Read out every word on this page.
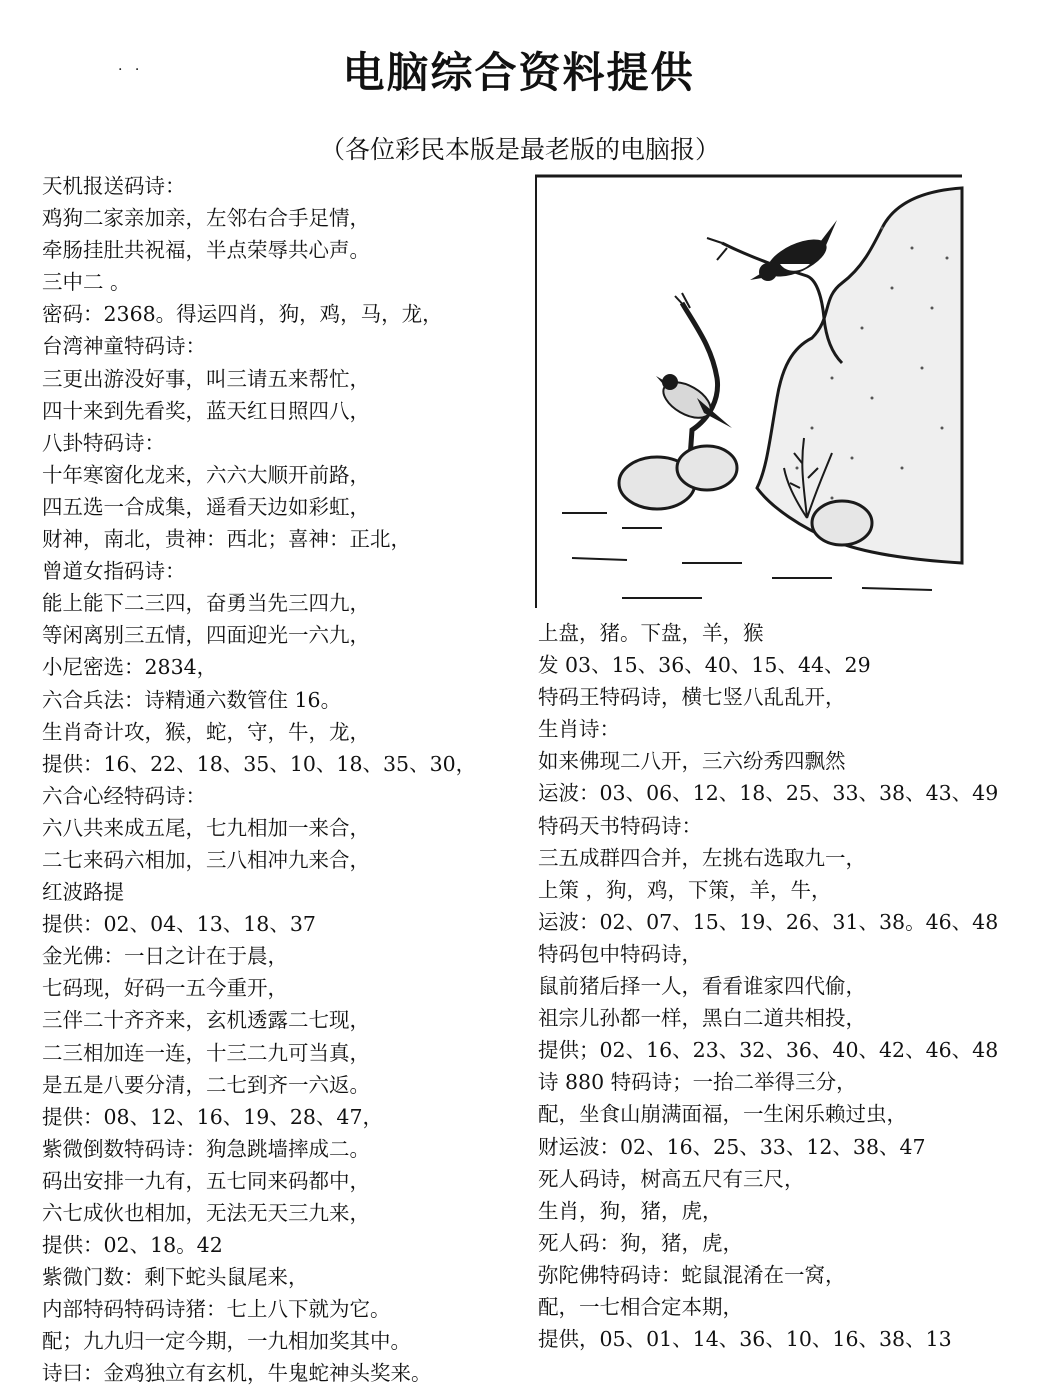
. .	电脑综合资料提供
（各位彩民本版是最老版的电脑报）
天机报送码诗：
鸡狗二家亲加亲，左邻右合手足情，
牵肠挂肚共祝福，半点荣辱共心声。
三中二 。
密码：2368。得运四肖，狗，鸡，马，龙，
台湾神童特码诗：
三更出游没好事，叫三请五来帮忙，
四十来到先看奖，蓝天红日照四八，
八卦特码诗：
十年寒窗化龙来，六六大顺开前路，
四五选一合成集，遥看天边如彩虹，
财神，南北，贵神：西北；喜神：正北，
曾道女指码诗：
能上能下二三四，奋勇当先三四九，
等闲离别三五情，四面迎光一六九，
小尼密选：2834，
六合兵法：诗精通六数管住 16。
生肖奇计攻，猴，蛇，守，牛，龙，
提供：16、22、18、35、10、18、35、30，
六合心经特码诗：
六八共来成五尾，七九相加一来合，
二七来码六相加，三八相冲九来合，
红波路提
提供：02、04、13、18、37
金光佛：一日之计在于晨，
七码现，好码一五今重开，
三伴二十齐齐来，玄机透露二七现，
二三相加连一连，十三二九可当真，
是五是八要分清，二七到齐一六返。
提供：08、12、16、19、28、47，
紫微倒数特码诗：狗急跳墙摔成二。
码出安排一九有，五七同来码都中，
六七成伙也相加，无法无天三九来，
提供：02、18。42
紫微门数：剩下蛇头鼠尾来，
内部特码特码诗猪：七上八下就为它。
配；九九归一定今期，一九相加奖其中。
诗曰：金鸡独立有玄机，牛鬼蛇神头奖来。
上盘，猪。下盘，羊，猴
发 03、15、36、40、15、44、29
特码王特码诗，横七竖八乱乱开，
生肖诗：
如来佛现二八开，三六纷秀四飘然
运波：03、06、12、18、25、33、38、43、49
特码天书特码诗：
三五成群四合并，左挑右选取九一，
上策 ，狗，鸡，下策，羊，牛，
运波：02、07、15、19、26、31、38。46、48
特码包中特码诗，
鼠前猪后择一人，看看谁家四代偷，
祖宗儿孙都一样，黑白二道共相投，
提供；02、16、23、32、36、40、42、46、48
诗 880 特码诗；一抬二举得三分，
配，坐食山崩满面福，一生闲乐赖过虫，
财运波：02、16、25、33、12、38、47
死人码诗，树高五尺有三尺，
生肖，狗，猪，虎，
死人码：狗，猪，虎，
弥陀佛特码诗：蛇鼠混淆在一窝，
配，一七相合定本期，
提供，05、01、14、36、10、16、38、13
